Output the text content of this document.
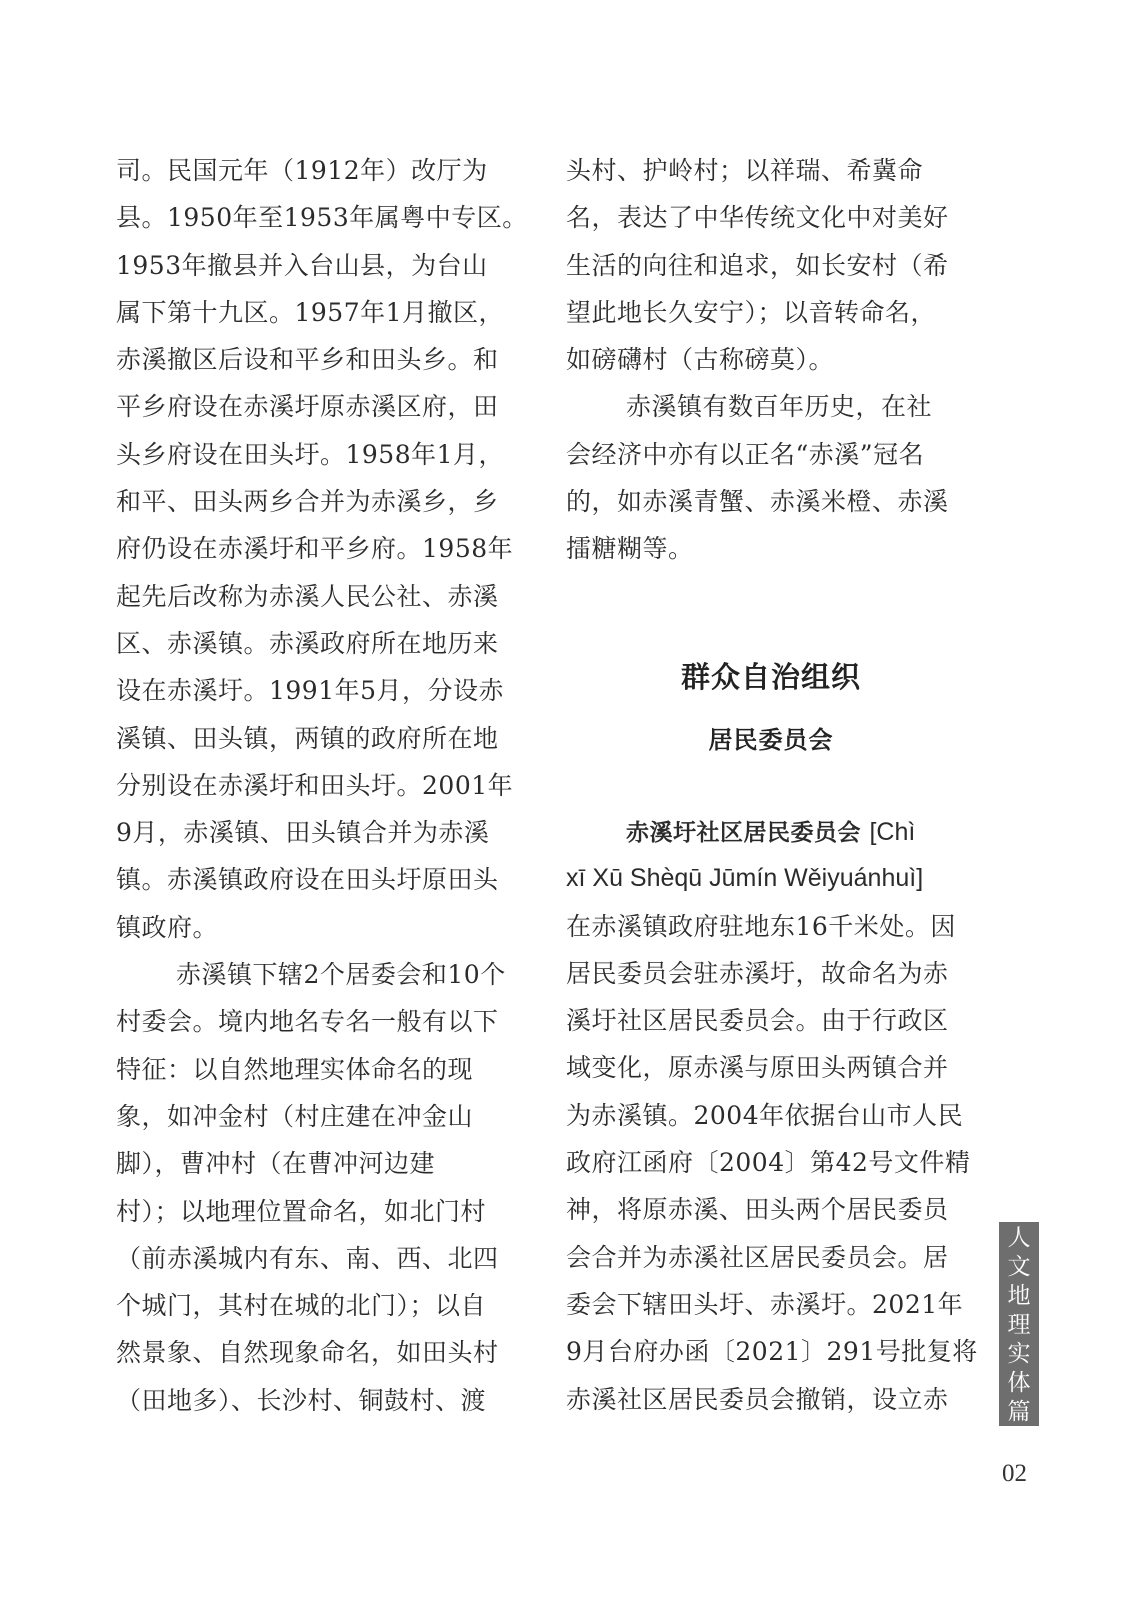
司。民国元年（1912年）改厅为
县。1950年至1953年属粤中专区。
1953年撤县并入台山县，为台山
属下第十九区。1957年1月撤区，
赤溪撤区后设和平乡和田头乡。和
平乡府设在赤溪圩原赤溪区府，田
头乡府设在田头圩。1958年1月，
和平、田头两乡合并为赤溪乡，乡
府仍设在赤溪圩和平乡府。1958年
起先后改称为赤溪人民公社、赤溪
区、赤溪镇。赤溪政府所在地历来
设在赤溪圩。1991年5月，分设赤
溪镇、田头镇，两镇的政府所在地
分别设在赤溪圩和田头圩。2001年
9月，赤溪镇、田头镇合并为赤溪
镇。赤溪镇政府设在田头圩原田头
镇政府。
赤溪镇下辖2个居委会和10个
村委会。境内地名专名一般有以下
特征：以自然地理实体命名的现
象，如冲金村（村庄建在冲金山
脚），曹冲村（在曹冲河边建
村）；以地理位置命名，如北门村
（前赤溪城内有东、南、西、北四
个城门，其村在城的北门）；以自
然景象、自然现象命名，如田头村
（田地多）、长沙村、铜鼓村、渡
头村、护岭村；以祥瑞、希冀命
名，表达了中华传统文化中对美好
生活的向往和追求，如长安村（希
望此地长久安宁）；以音转命名，
如磅礴村（古称磅莫）。
赤溪镇有数百年历史，在社
会经济中亦有以正名“赤溪”冠名
的，如赤溪青蟹、赤溪米橙、赤溪
擂糖糊等。
群众自治组织
居民委员会
赤溪圩社区居民委员会 [Chì
xī Xū Shèqū Jūmín Wěiyuánhuì]
在赤溪镇政府驻地东16千米处。因
居民委员会驻赤溪圩，故命名为赤
溪圩社区居民委员会。由于行政区
域变化，原赤溪与原田头两镇合并
为赤溪镇。2004年依据台山市人民
政府江函府〔2004〕第42号文件精
神，将原赤溪、田头两个居民委员
会合并为赤溪社区居民委员会。居
委会下辖田头圩、赤溪圩。2021年
9月台府办函〔2021〕291号批复将
赤溪社区居民委员会撤销，设立赤
人
文
地
理
实
体
篇
02
